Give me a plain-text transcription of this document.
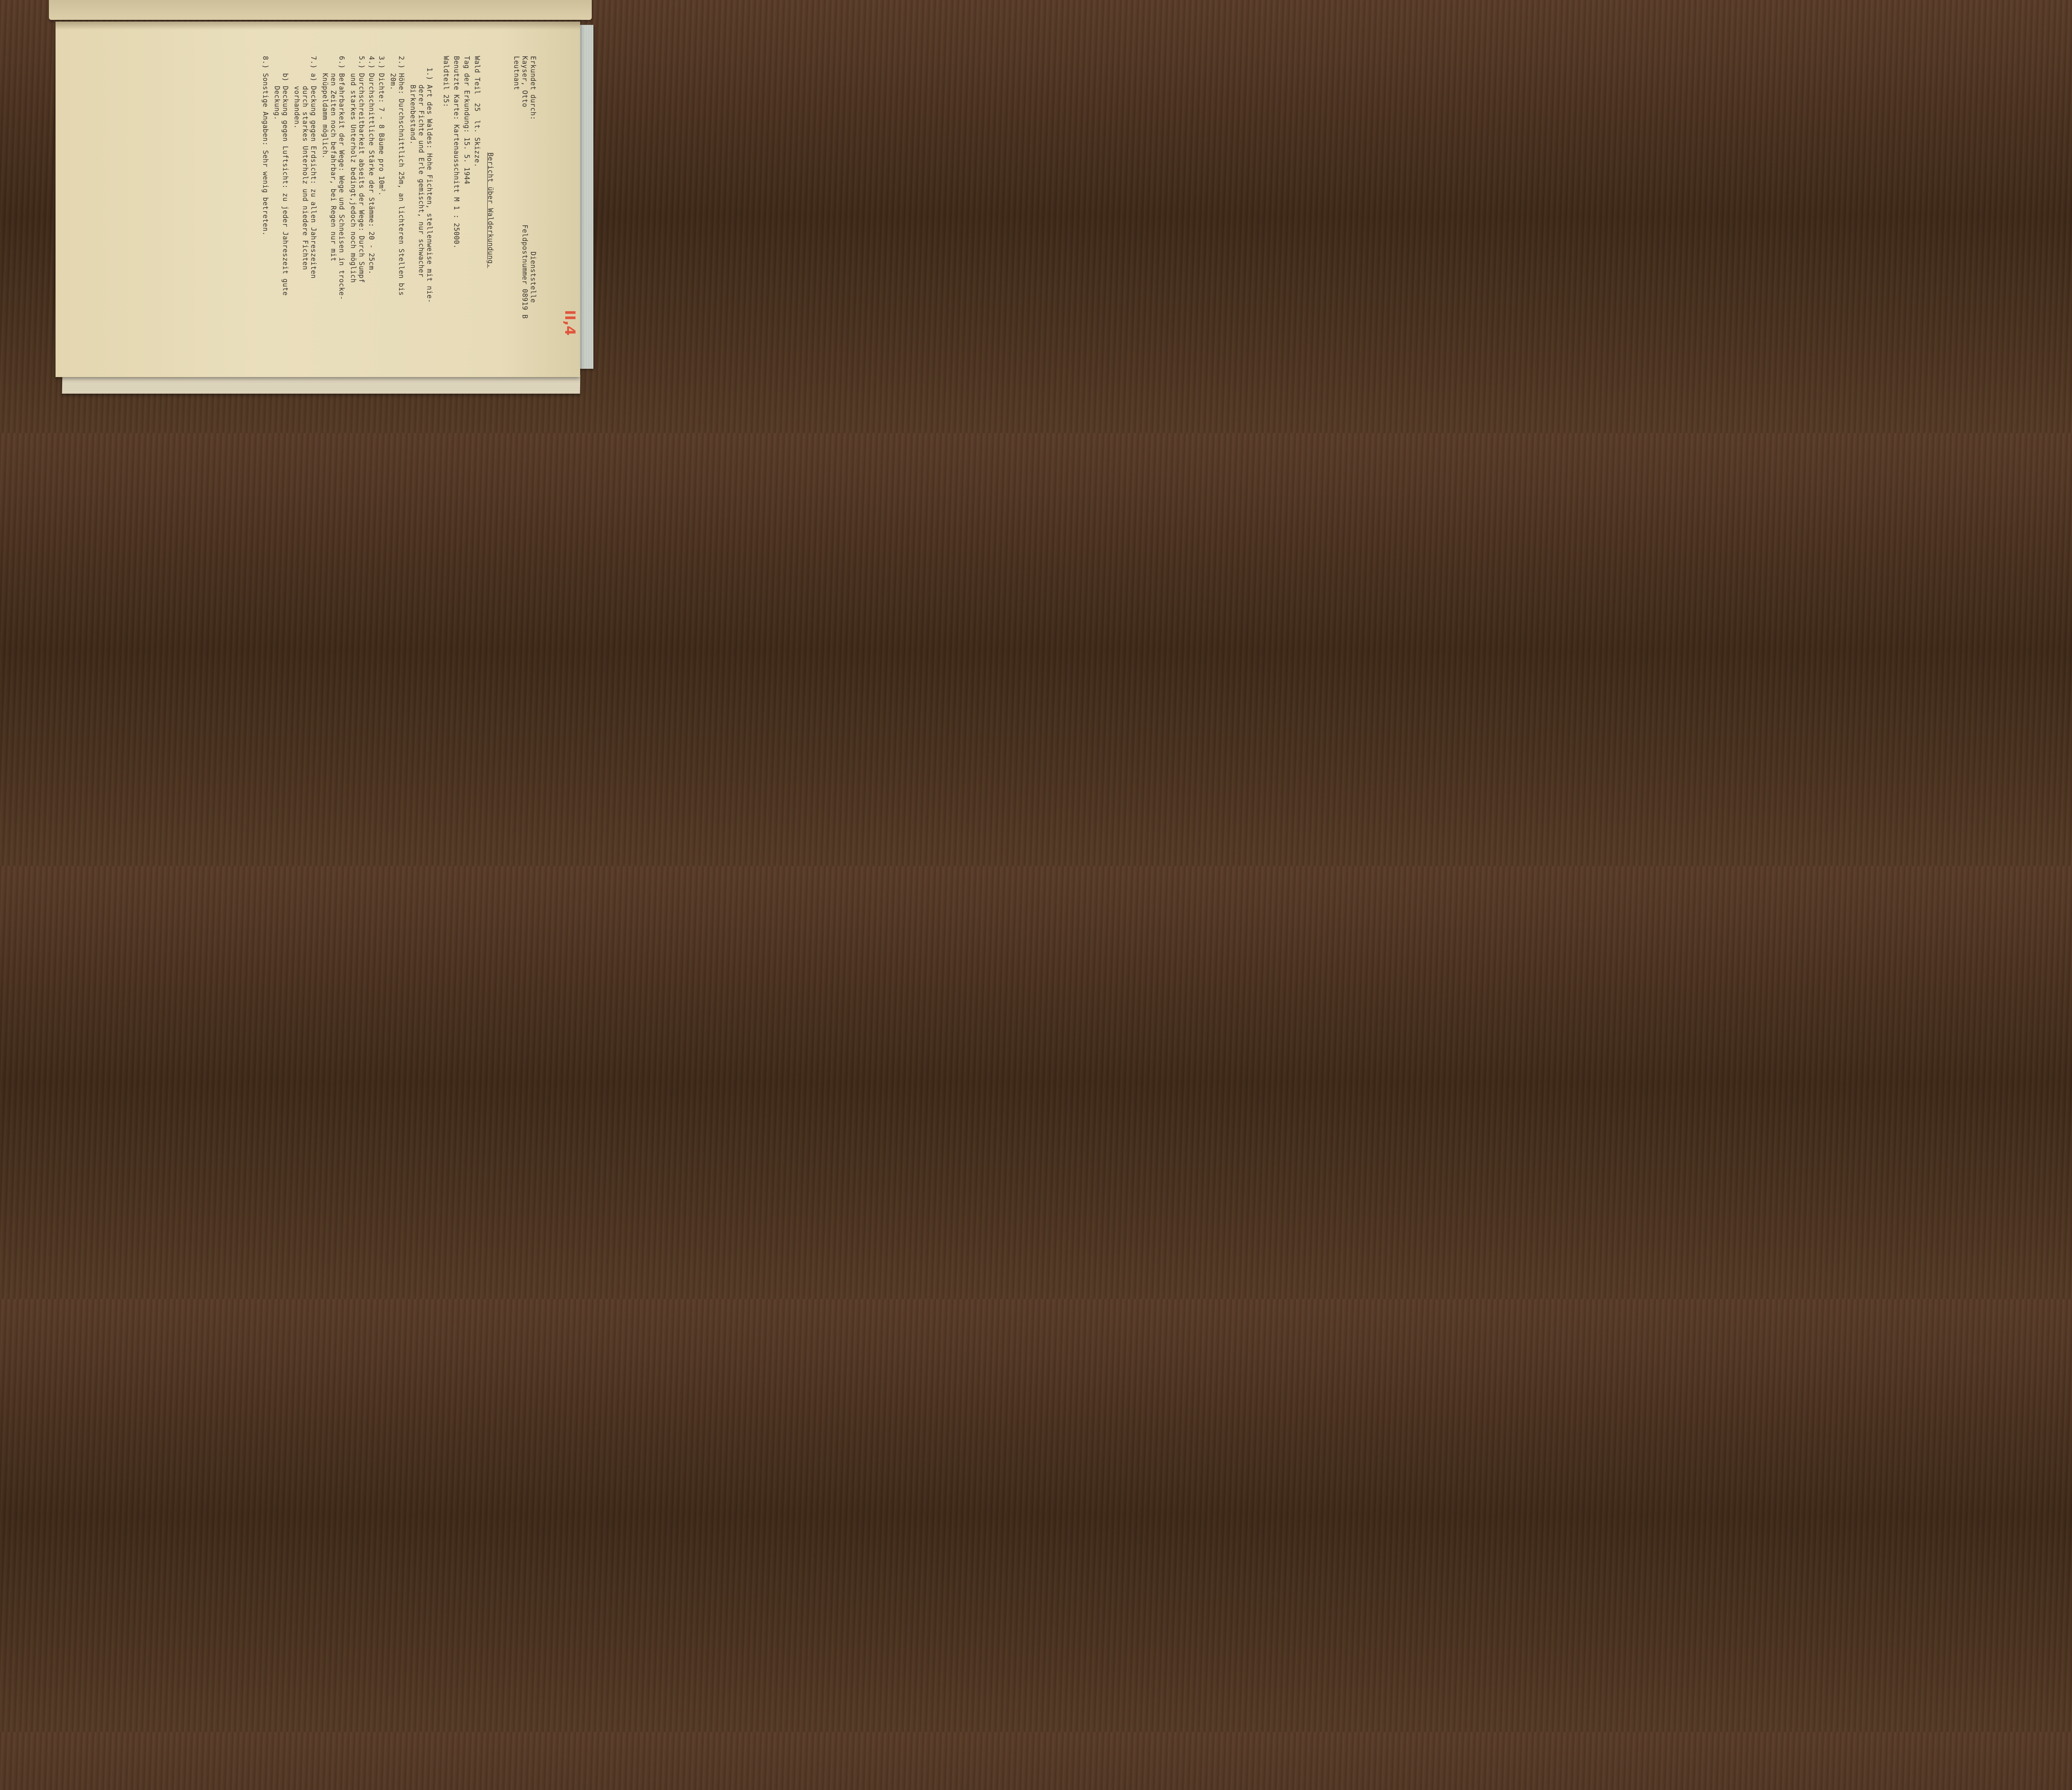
Erkundet durch:
Kayser, Otto
Leutnant
Dienststelle
Feldpostnummer 08919 B
Bericht über Walderkundung.
Wald Teil  25  lt. Skizze.
Tag der Erkundung: 15. 5. 1944
Benutzte Karte: Kartenausschnitt M 1 : 25000.
Waldteil 25:
1.) Art des Waldes: Hohe Fichten, stellenweise mit nie-
derer Fichte und Erle gemischt, nur schwacher
Birkenbestand.
2.) Höhe: Durchschnittlich 25m, an lichteren Stellen bis
20m.
3.) Dichte: 7 - 8 Bäume pro $10m^2$.
4.) Durchschnittliche Stärke der Stämme: 20 - 25cm.
5.) Durchschreitbarkeit abseits der Wege: Durch Sumpf
und starkes Unterholz bedingt,jedoch noch möglich
6.) Befahrbarkeit der Wege: Wege und Schneisen in trocke-
nen Zeiten noch befahrbar, bei Regen nur mit
Knüppeldamm möglich.
7.) a) Deckung gegen Erdsicht: zu allen Jahreszeiten
durch starkes Unterholz und niedere Fichten
vorhanden.
b) Deckung gegen Luftsicht: zu jeder Jahreszeit gute
Deckung.
8.) Sonstige Angaben: Sehr wenig betreten.
II,4
